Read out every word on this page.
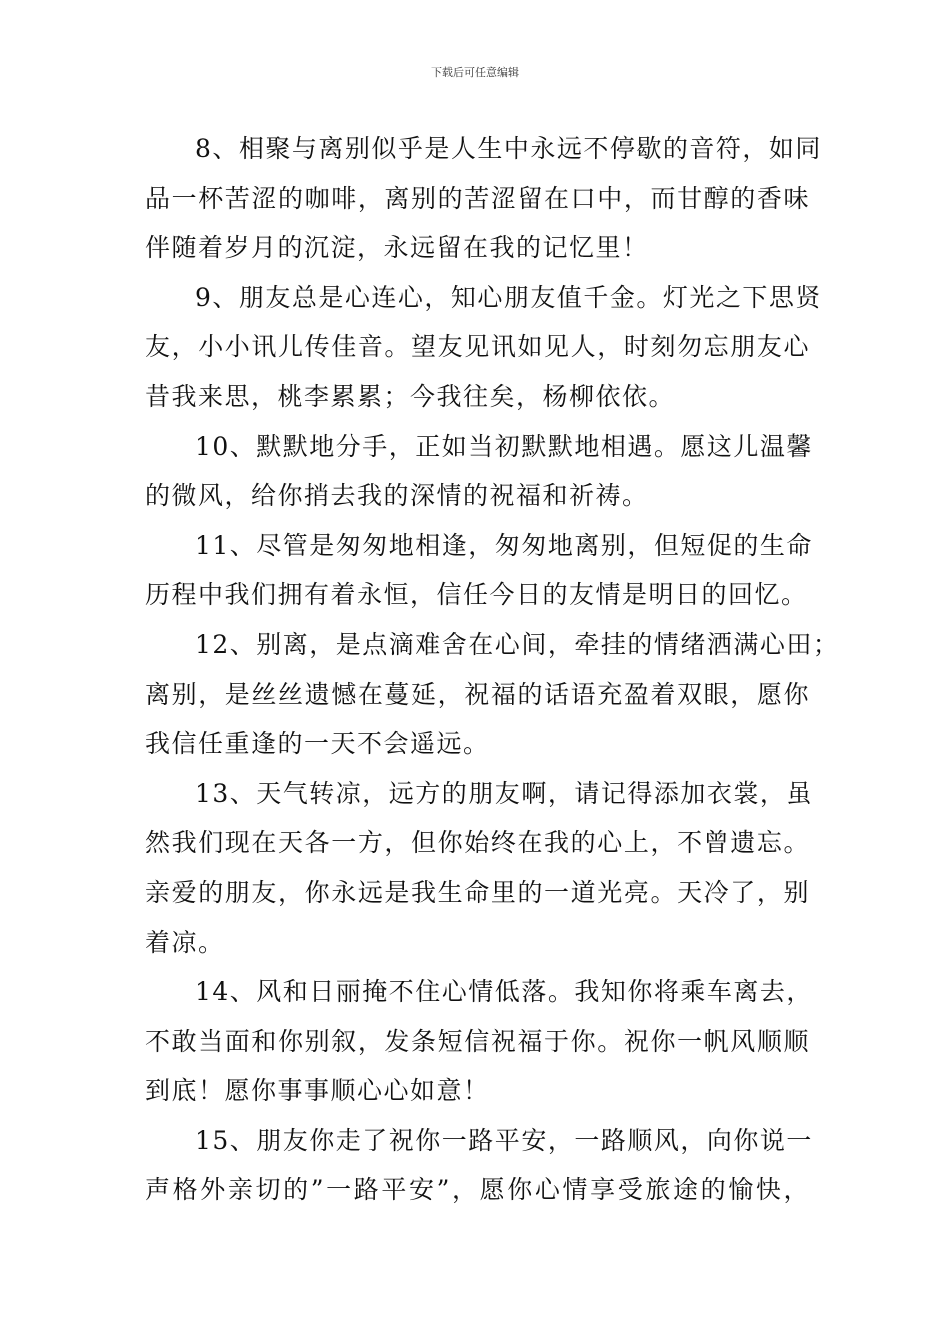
下载后可任意编辑

8、相聚与离别似乎是人生中永远不停歇的音符，如同
品一杯苦涩的咖啡，离别的苦涩留在口中，而甘醇的香味
伴随着岁月的沉淀，永远留在我的记忆里！

9、朋友总是心连心，知心朋友值千金。灯光之下思贤
友，小小讯儿传佳音。望友见讯如见人，时刻勿忘朋友心
昔我来思，桃李累累；今我往矣，杨柳依依。

10、默默地分手，正如当初默默地相遇。愿这儿温馨
的微风，给你捎去我的深情的祝福和祈祷。

11、尽管是匆匆地相逢，匆匆地离别，但短促的生命
历程中我们拥有着永恒，信任今日的友情是明日的回忆。

12、别离，是点滴难舍在心间，牵挂的情绪洒满心田；
离别，是丝丝遗憾在蔓延，祝福的话语充盈着双眼，愿你
我信任重逢的一天不会遥远。

13、天气转凉，远方的朋友啊，请记得添加衣裳，虽
然我们现在天各一方，但你始终在我的心上，不曾遗忘。
亲爱的朋友，你永远是我生命里的一道光亮。天冷了，别
着凉。

14、风和日丽掩不住心情低落。我知你将乘车离去，
不敢当面和你别叙，发条短信祝福于你。祝你一帆风顺顺
到底！愿你事事顺心心如意！

15、朋友你走了祝你一路平安，一路顺风，向你说一
声格外亲切的”一路平安”，愿你心情享受旅途的愉快，
